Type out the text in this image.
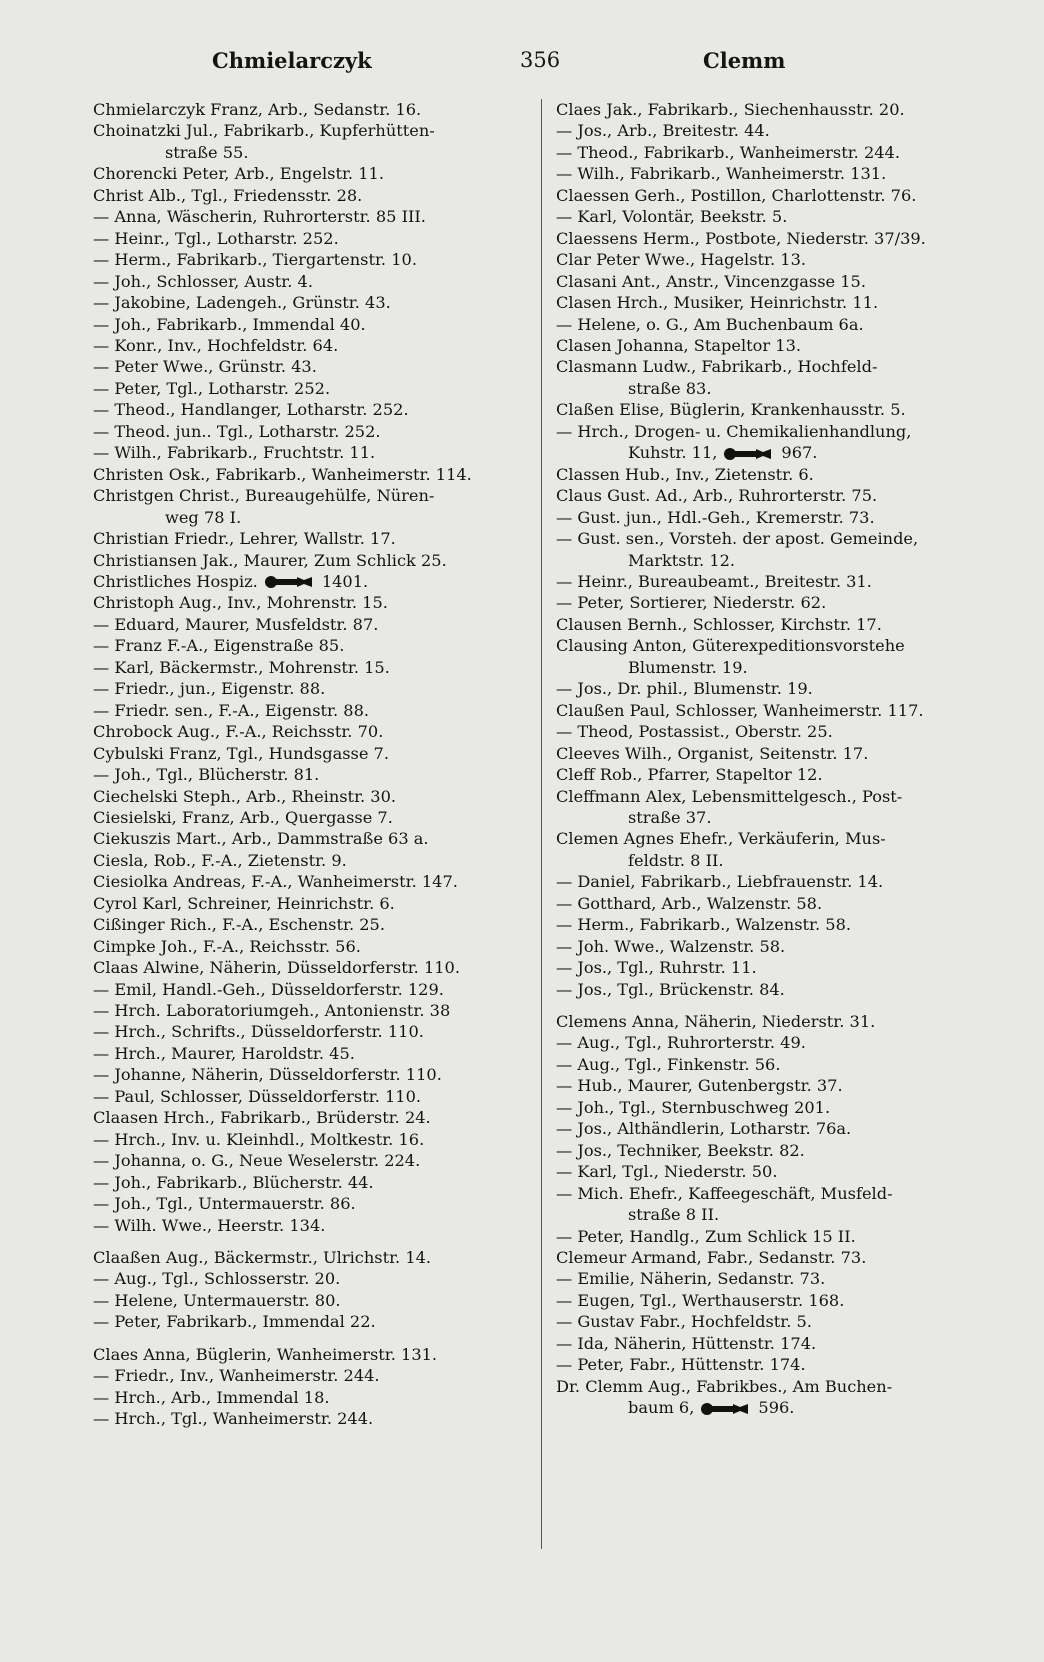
Chmielarczyk	356	Clemm

Chmielarczyk Franz, Arb., Sedanstr. 16.

Choinatzki Jul., Fabrikarb., Kupferhütten-

straße 55.

Chorencki Peter, Arb., Engelstr. 11.

Christ Alb., Tgl., Friedensstr. 28.

— Anna, Wäscherin, Ruhrorterstr. 85 III.

— Heinr., Tgl., Lotharstr. 252.

— Herm., Fabrikarb., Tiergartenstr. 10.

— Joh., Schlosser, Austr. 4.

— Jakobine, Ladengeh., Grünstr. 43.

— Joh., Fabrikarb., Immendal 40.

— Konr., Inv., Hochfeldstr. 64.

— Peter Wwe., Grünstr. 43.

— Peter, Tgl., Lotharstr. 252.

— Theod., Handlanger, Lotharstr. 252.

— Theod. jun.. Tgl., Lotharstr. 252.

— Wilh., Fabrikarb., Fruchtstr. 11.

Christen Osk., Fabrikarb., Wanheimerstr. 114.

Christgen Christ., Bureaugehülfe, Nüren-

weg 78 I.

Christian Friedr., Lehrer, Wallstr. 17.

Christiansen Jak., Maurer, Zum Schlick 25.

Christliches Hospiz.	1401.

Christoph Aug., Inv., Mohrenstr. 15.

— Eduard, Maurer, Musfeldstr. 87.

— Franz F.-A., Eigenstraße 85.

— Karl, Bäckermstr., Mohrenstr. 15.

— Friedr., jun., Eigenstr. 88.

— Friedr. sen., F.-A., Eigenstr. 88.

Chrobock Aug., F.-A., Reichsstr. 70.

Cybulski Franz, Tgl., Hundsgasse 7.

— Joh., Tgl., Blücherstr. 81.

Ciechelski Steph., Arb., Rheinstr. 30.

Ciesielski, Franz, Arb., Quergasse 7.

Ciekuszis Mart., Arb., Dammstraße 63 a.

Ciesla, Rob., F.-A., Zietenstr. 9.

Ciesiolka Andreas, F.-A., Wanheimerstr. 147.

Cyrol Karl, Schreiner, Heinrichstr. 6.

Cißinger Rich., F.-A., Eschenstr. 25.

Cimpke Joh., F.-A., Reichsstr. 56.

Claas Alwine, Näherin, Düsseldorferstr. 110.

— Emil, Handl.-Geh., Düsseldorferstr. 129.

— Hrch. Laboratoriumgeh., Antonienstr. 38

— Hrch., Schrifts., Düsseldorferstr. 110.

— Hrch., Maurer, Haroldstr. 45.

— Johanne, Näherin, Düsseldorferstr. 110.

— Paul, Schlosser, Düsseldorferstr. 110.

Claasen Hrch., Fabrikarb., Brüderstr. 24.

— Hrch., Inv. u. Kleinhdl., Moltkestr. 16.

— Johanna, o. G., Neue Weselerstr. 224.

— Joh., Fabrikarb., Blücherstr. 44.

— Joh., Tgl., Untermauerstr. 86.

— Wilh. Wwe., Heerstr. 134.

Claaßen Aug., Bäckermstr., Ulrichstr. 14.

— Aug., Tgl., Schlosserstr. 20.

— Helene, Untermauerstr. 80.

— Peter, Fabrikarb., Immendal 22.

Claes Anna, Büglerin, Wanheimerstr. 131.

— Friedr., Inv., Wanheimerstr. 244.

— Hrch., Arb., Immendal 18.

— Hrch., Tgl., Wanheimerstr. 244.

Claes Jak., Fabrikarb., Siechenhausstr. 20.

— Jos., Arb., Breitestr. 44.

— Theod., Fabrikarb., Wanheimerstr. 244.

— Wilh., Fabrikarb., Wanheimerstr. 131.

Claessen Gerh., Postillon, Charlottenstr. 76.

— Karl, Volontär, Beekstr. 5.

Claessens Herm., Postbote, Niederstr. 37/39.

Clar Peter Wwe., Hagelstr. 13.

Clasani Ant., Anstr., Vincenzgasse 15.

Clasen Hrch., Musiker, Heinrichstr. 11.

— Helene, o. G., Am Buchenbaum 6a.

Clasen Johanna, Stapeltor 13.

Clasmann Ludw., Fabrikarb., Hochfeld-

straße 83.

Claßen Elise, Büglerin, Krankenhausstr. 5.

— Hrch., Drogen- u. Chemikalienhandlung,

Kuhstr. 11,	967.

Classen Hub., Inv., Zietenstr. 6.

Claus Gust. Ad., Arb., Ruhrorterstr. 75.

— Gust. jun., Hdl.-Geh., Kremerstr. 73.

— Gust. sen., Vorsteh. der apost. Gemeinde,

Marktstr. 12.

— Heinr., Bureaubeamt., Breitestr. 31.

— Peter, Sortierer, Niederstr. 62.

Clausen Bernh., Schlosser, Kirchstr. 17.

Clausing Anton, Güterexpeditionsvorstehe

Blumenstr. 19.

— Jos., Dr. phil., Blumenstr. 19.

Claußen Paul, Schlosser, Wanheimerstr. 117.

— Theod, Postassist., Oberstr. 25.

Cleeves Wilh., Organist, Seitenstr. 17.

Cleff Rob., Pfarrer, Stapeltor 12.

Cleffmann Alex, Lebensmittelgesch., Post-

straße 37.

Clemen Agnes Ehefr., Verkäuferin, Mus-

feldstr. 8 II.

— Daniel, Fabrikarb., Liebfrauenstr. 14.

— Gotthard, Arb., Walzenstr. 58.

— Herm., Fabrikarb., Walzenstr. 58.

— Joh. Wwe., Walzenstr. 58.

— Jos., Tgl., Ruhrstr. 11.

— Jos., Tgl., Brückenstr. 84.

Clemens Anna, Näherin, Niederstr. 31.

— Aug., Tgl., Ruhrorterstr. 49.

— Aug., Tgl., Finkenstr. 56.

— Hub., Maurer, Gutenbergstr. 37.

— Joh., Tgl., Sternbuschweg 201.

— Jos., Althändlerin, Lotharstr. 76a.

— Jos., Techniker, Beekstr. 82.

— Karl, Tgl., Niederstr. 50.

— Mich. Ehefr., Kaffeegeschäft, Musfeld-

straße 8 II.

— Peter, Handlg., Zum Schlick 15 II.

Clemeur Armand, Fabr., Sedanstr. 73.

— Emilie, Näherin, Sedanstr. 73.

— Eugen, Tgl., Werthauserstr. 168.

— Gustav Fabr., Hochfeldstr. 5.

— Ida, Näherin, Hüttenstr. 174.

— Peter, Fabr., Hüttenstr. 174.

Dr. Clemm Aug., Fabrikbes., Am Buchen-

baum 6,	596.
